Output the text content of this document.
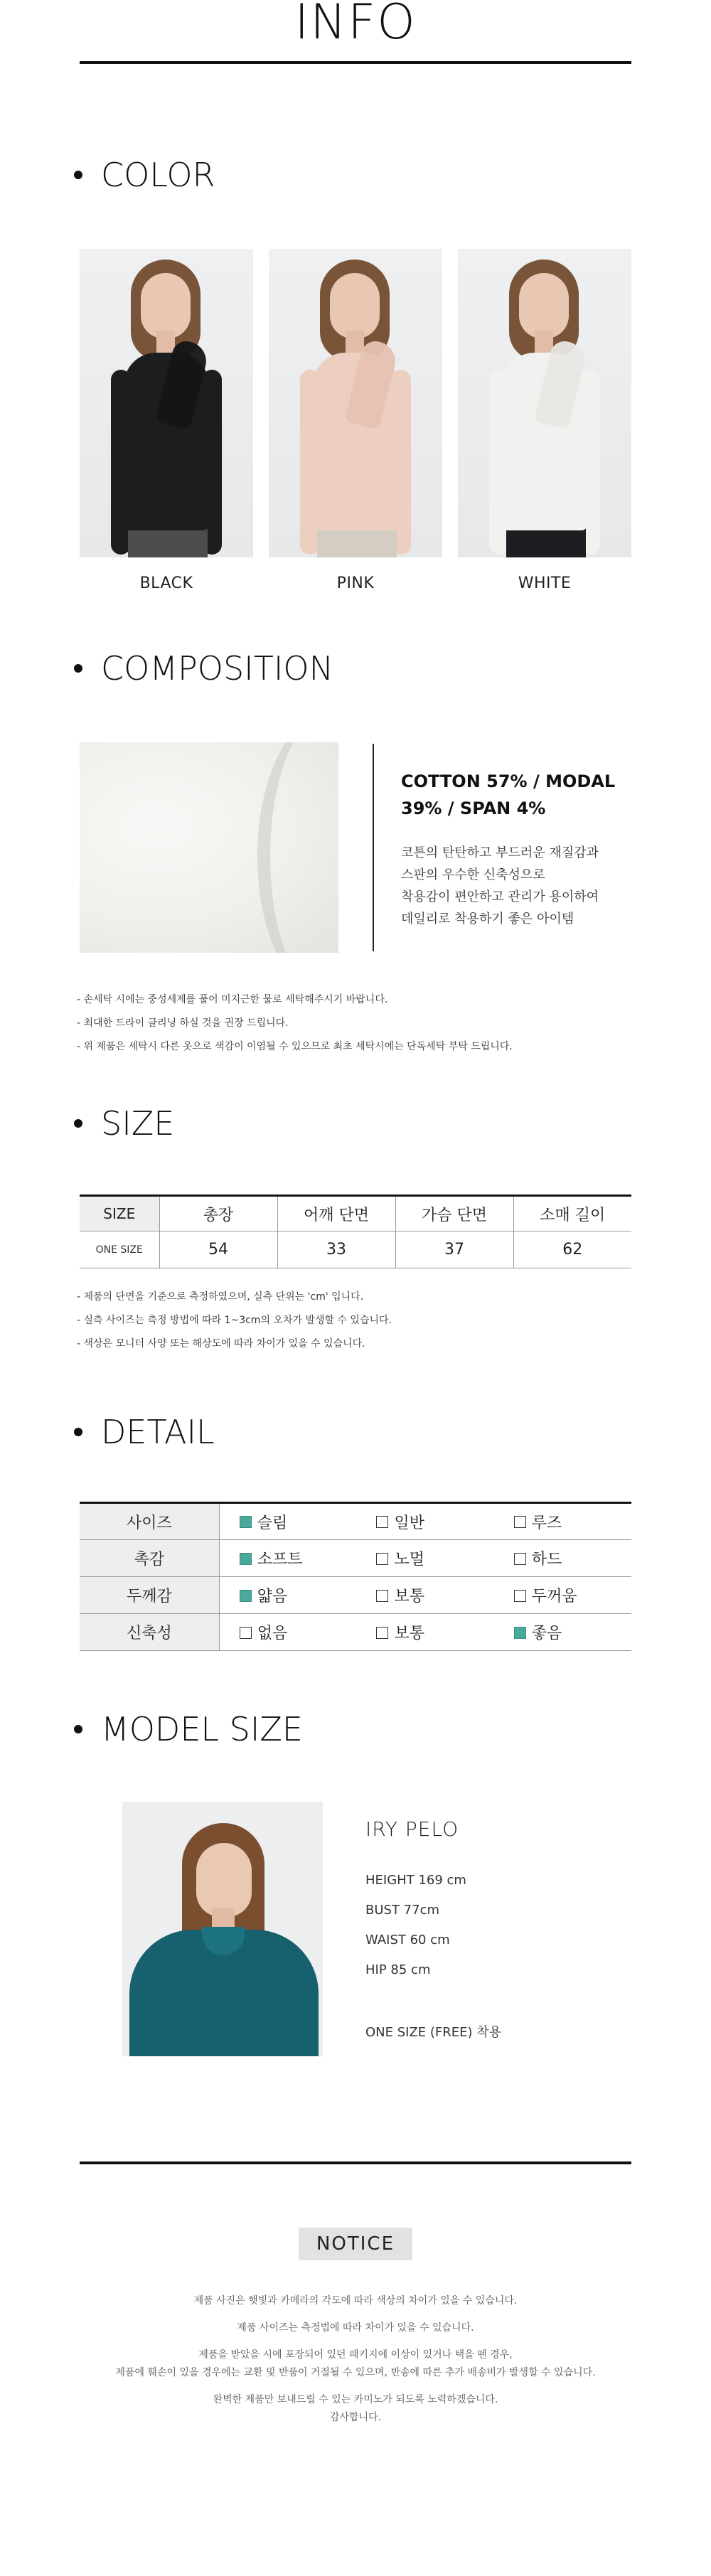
INFO
COLOR
BLACK	PINK	WHITE
COMPOSITION
COTTON 57% / MODAL 39% / SPAN 4%
코튼의 탄탄하고 부드러운 재질감과
스판의 우수한 신축성으로
착용감이 편안하고 관리가 용이하여
데일리로 착용하기 좋은 아이템
- 손세탁 시에는 중성세제를 풀어 미지근한 물로 세탁해주시기 바랍니다.
- 최대한 드라이 클리닝 하실 것을 권장 드립니다.
- 위 제품은 세탁시 다른 옷으로 색감이 이염될 수 있으므로 최초 세탁시에는 단독세탁 부탁 드립니다.
SIZE
SIZE	총장	어깨 단면	가슴 단면	소매 길이
ONE SIZE	54	33	37	62
- 제품의 단면을 기준으로 측정하였으며, 실측 단위는 'cm' 입니다.
- 실측 사이즈는 측정 방법에 따라 1~3cm의 오차가 발생할 수 있습니다.
- 색상은 모니터 사양 또는 해상도에 따라 차이가 있을 수 있습니다.
DETAIL
사이즈	슬림	일반	루즈
촉감	소프트	노멀	하드
두께감	얇음	보통	두꺼움
신축성	없음	보통	좋음
MODEL SIZE
IRY PELO
HEIGHT 169 cm
BUST 77cm
WAIST 60 cm
HIP 85 cm
ONE SIZE (FREE) 착용
NOTICE
제품 사진은 햇빛과 카메라의 각도에 따라 색상의 차이가 있을 수 있습니다.
제품 사이즈는 측정법에 따라 차이가 있을 수 있습니다.
제품을 받았을 시에 포장되어 있던 패키지에 이상이 있거나 택을 뗀 경우,
제품에 훼손이 있을 경우에는 교환 및 반품이 거절될 수 있으며, 반송에 따른 추가 배송비가 발생할 수 있습니다.
완벽한 제품만 보내드릴 수 있는 카미노가 되도록 노력하겠습니다.
감사합니다.
